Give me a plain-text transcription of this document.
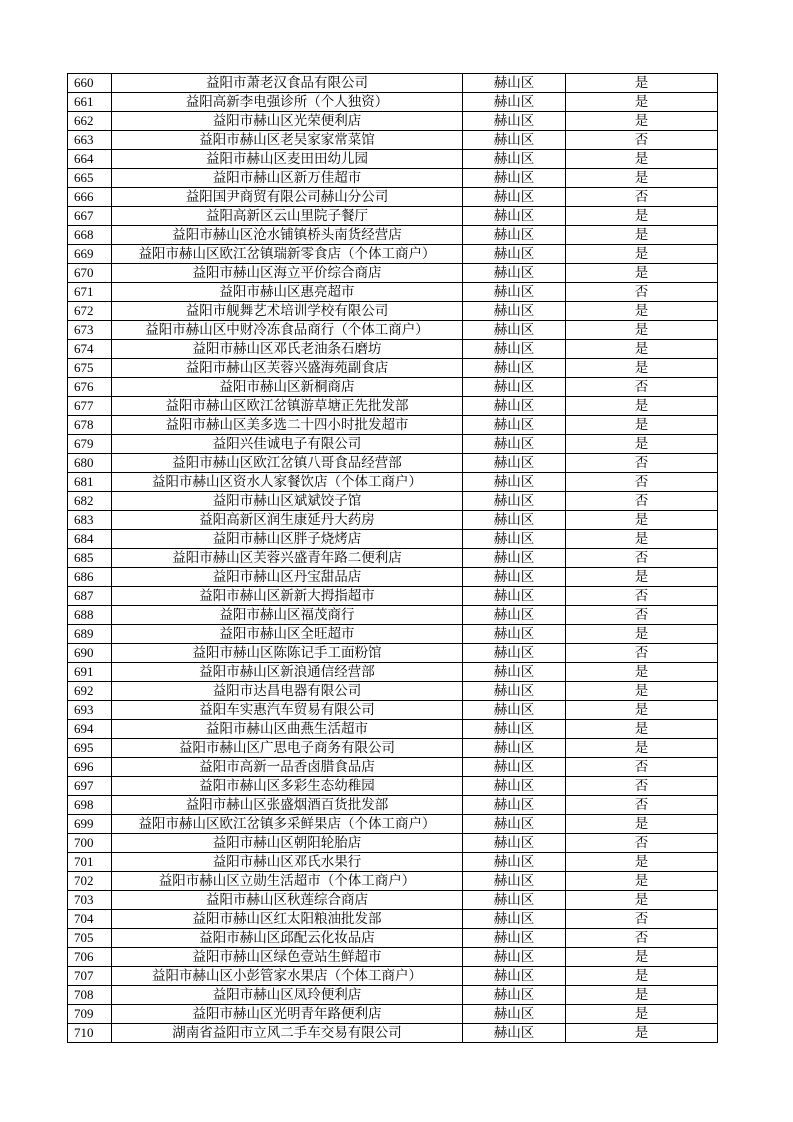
660	益阳市萧老汉食品有限公司	赫山区	是
661	益阳高新李电强诊所（个人独资）	赫山区	是
662	益阳市赫山区光荣便利店	赫山区	是
663	益阳市赫山区老吴家家常菜馆	赫山区	否
664	益阳市赫山区麦田田幼儿园	赫山区	是
665	益阳市赫山区新万佳超市	赫山区	是
666	益阳国尹商贸有限公司赫山分公司	赫山区	否
667	益阳高新区云山里院子餐厅	赫山区	是
668	益阳市赫山区沧水铺镇桥头南货经营店	赫山区	是
669	益阳市赫山区欧江岔镇瑞新零食店（个体工商户）	赫山区	是
670	益阳市赫山区海立平价综合商店	赫山区	是
671	益阳市赫山区惠亮超市	赫山区	否
672	益阳市舰舞艺术培训学校有限公司	赫山区	是
673	益阳市赫山区中财冷冻食品商行（个体工商户）	赫山区	是
674	益阳市赫山区邓氏老油条石磨坊	赫山区	是
675	益阳市赫山区芙蓉兴盛海苑副食店	赫山区	是
676	益阳市赫山区新桐商店	赫山区	否
677	益阳市赫山区欧江岔镇游草塘正先批发部	赫山区	是
678	益阳市赫山区美多选二十四小时批发超市	赫山区	是
679	益阳兴佳诚电子有限公司	赫山区	是
680	益阳市赫山区欧江岔镇八哥食品经营部	赫山区	否
681	益阳市赫山区资水人家餐饮店（个体工商户）	赫山区	否
682	益阳市赫山区斌斌饺子馆	赫山区	否
683	益阳高新区润生康延丹大药房	赫山区	是
684	益阳市赫山区胖子烧烤店	赫山区	是
685	益阳市赫山区芙蓉兴盛青年路二便利店	赫山区	否
686	益阳市赫山区丹宝甜品店	赫山区	是
687	益阳市赫山区新新大拇指超市	赫山区	否
688	益阳市赫山区福茂商行	赫山区	否
689	益阳市赫山区全旺超市	赫山区	是
690	益阳市赫山区陈陈记手工面粉馆	赫山区	否
691	益阳市赫山区新浪通信经营部	赫山区	是
692	益阳市达昌电器有限公司	赫山区	是
693	益阳车实惠汽车贸易有限公司	赫山区	是
694	益阳市赫山区曲燕生活超市	赫山区	是
695	益阳市赫山区广思电子商务有限公司	赫山区	是
696	益阳市高新一品香卤腊食品店	赫山区	否
697	益阳市赫山区多彩生态幼稚园	赫山区	否
698	益阳市赫山区张盛烟酒百货批发部	赫山区	否
699	益阳市赫山区欧江岔镇多采鲜果店（个体工商户）	赫山区	是
700	益阳市赫山区朝阳轮胎店	赫山区	否
701	益阳市赫山区邓氏水果行	赫山区	是
702	益阳市赫山区立勋生活超市（个体工商户）	赫山区	是
703	益阳市赫山区秋莲综合商店	赫山区	是
704	益阳市赫山区红太阳粮油批发部	赫山区	否
705	益阳市赫山区邱配云化妆品店	赫山区	否
706	益阳市赫山区绿色壹站生鲜超市	赫山区	是
707	益阳市赫山区小彭管家水果店（个体工商户）	赫山区	是
708	益阳市赫山区凤玲便利店	赫山区	是
709	益阳市赫山区光明青年路便利店	赫山区	是
710	湖南省益阳市立风二手车交易有限公司	赫山区	是
